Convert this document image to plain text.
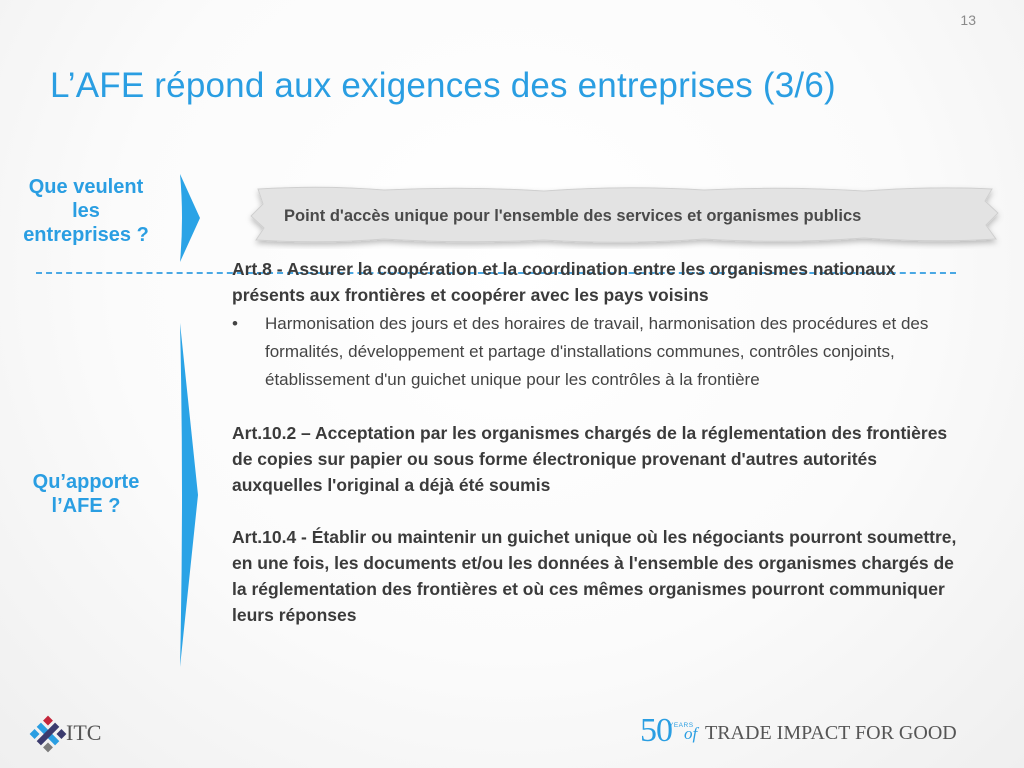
13
L’AFE répond aux exigences des entreprises (3/6)
Que veulent
les
entreprises ?
Qu’apporte
l’AFE ?
Point d'accès unique pour l'ensemble des services et organismes publics
Art.8 - Assurer la coopération et la coordination entre les organismes nationaux présents aux frontières et coopérer avec les pays voisins
• Harmonisation des jours et des horaires de travail, harmonisation des procédures et des formalités, développement et partage d'installations communes, contrôles conjoints, établissement d'un guichet unique pour les contrôles à la frontière
Art.10.2 – Acceptation par les organismes chargés de la réglementation des frontières de copies sur papier ou sous forme électronique provenant d'autres autorités auxquelles l'original a déjà été soumis
Art.10.4 - Établir ou maintenir un guichet unique où les négociants pourront soumettre, en une fois, les documents et/ou les données à l'ensemble des organismes chargés de la réglementation des frontières et où ces mêmes organismes pourront communiquer leurs réponses
ITC	50
YEARS
of TRADE IMPACT FOR GOOD
